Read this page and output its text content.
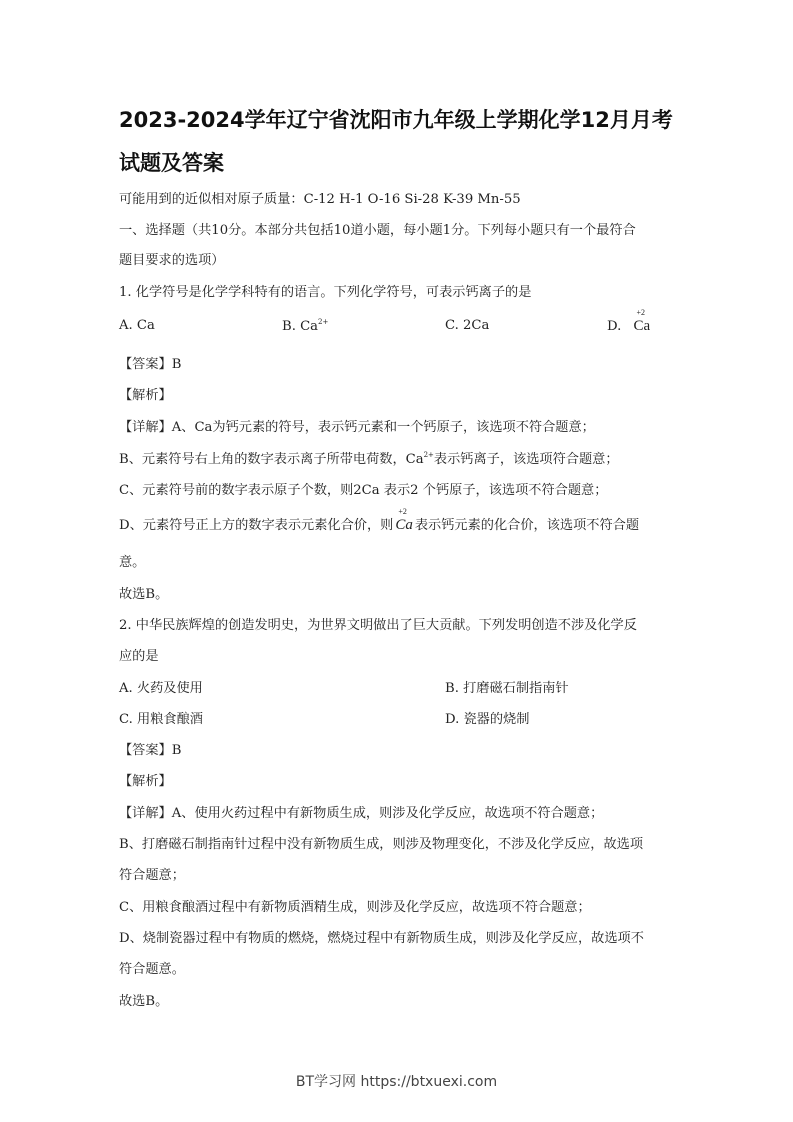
2023-2024学年辽宁省沈阳市九年级上学期化学12月月考
试题及答案
可能用到的近似相对原子质量：C-12 H-1 O-16 Si-28 K-39 Mn-55
一、选择题（共10分。本部分共包括10道小题，每小题1分。下列每小题只有一个最符合
题目要求的选项）
1. 化学符号是化学学科特有的语言。下列化学符号，可表示钙离子的是
A. Ca	B. $Ca^{2+}$	C. 2Ca	D.
+2
Ca
【答案】B
【解析】
【详解】A、Ca为钙元素的符号，表示钙元素和一个钙原子，该选项不符合题意；
B、元素符号右上角的数字表示离子所带电荷数，$Ca^{2+}$表示钙离子，该选项符合题意；
C、元素符号前的数字表示原子个数，则2Ca 表示2 个钙原子，该选项不符合题意；
D、元素符号正上方的数字表示元素化合价，则
+2
Ca 表示钙元素的化合价，该选项不符合题
意。
故选B。
2. 中华民族辉煌的创造发明史，为世界文明做出了巨大贡献。下列发明创造不涉及化学反
应的是
A. 火药及使用	B. 打磨磁石制指南针
C. 用粮食酿酒	D. 瓷器的烧制
【答案】B
【解析】
【详解】A、使用火药过程中有新物质生成，则涉及化学反应，故选项不符合题意；
B、打磨磁石制指南针过程中没有新物质生成，则涉及物理变化，不涉及化学反应，故选项
符合题意；
C、用粮食酿酒过程中有新物质酒精生成，则涉及化学反应，故选项不符合题意；
D、烧制瓷器过程中有物质的燃烧，燃烧过程中有新物质生成，则涉及化学反应，故选项不
符合题意。
故选B。
BT学习网 https://btxuexi.com
